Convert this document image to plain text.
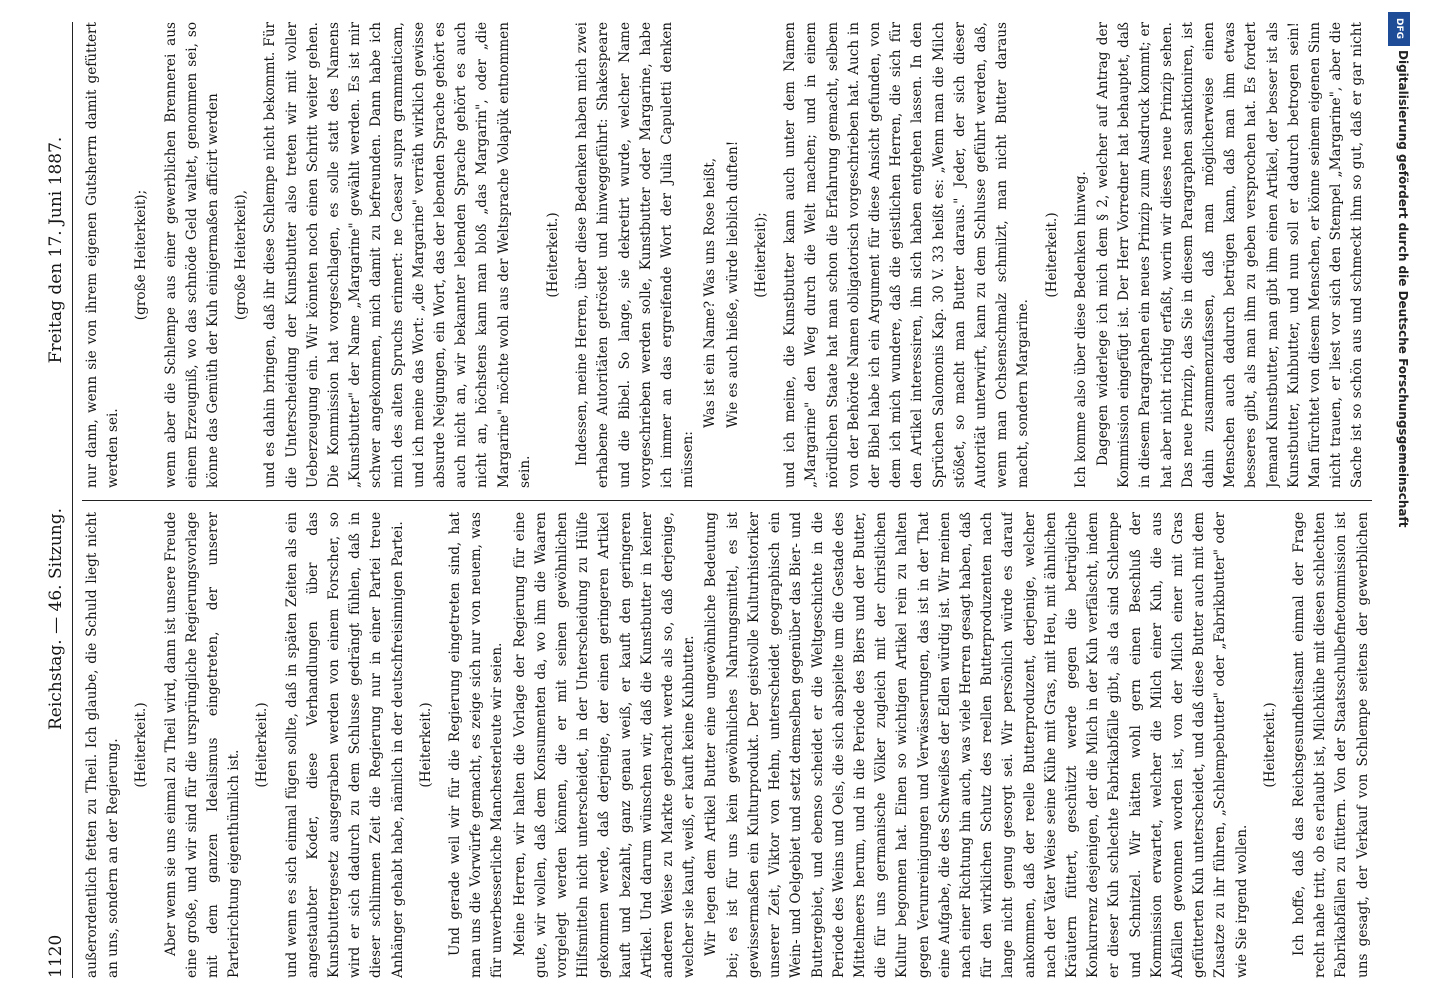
1120
Reichstag. — 46. Sitzung.
Freitag den 17. Juni 1887.

außerordentlich fetten zu Theil. Ich glaube, die Schuld liegt nicht an uns, sondern an der Regierung. (Heiterkeit.) Aber wenn sie uns einmal zu Theil wird, dann ist unsere Freude eine große, und wir sind für die ursprüngliche Regierungsvorlage mit dem ganzen Idealismus eingetreten, der unserer Parteirichtung eigenthümlich ist.

(Heiterkeit.) und wenn es sich einmal fügen sollte, daß in späten Zeiten als ein angestaubter Koder, diese Verhandlungen über das Kunstbuttergesetz ausgegraben werden von einem Forscher, so wird er sich dadurch zu dem Schlusse gedrängt fühlen, daß in dieser schlimmen Zeit die Regierung nur in einer Partei treue Anhänger gehabt habe, nämlich in der deutschfreisinnigen Partei. (Heiterkeit.) Und gerade weil wir für die Regierung eingetreten sind, hat man uns die Vorwürfe gemacht, es zeige sich nur von neuem, was für unverbesserliche Manchesterleute wir seien. Meine Herren, wir halten die Vorlage der Regierung für eine gute, wir wollen, daß dem Konsumenten da, wo ihm die Waaren vorgelegt werden können, die er mit seinen gewöhnlichen Hilfsmitteln nicht unterscheidet, in der Unterscheidung zu Hülfe gekommen werde, daß derjenige, der einen geringeren Artikel kauft und bezahlt, ganz genau weiß, er kauft den geringeren Artikel. Und darum wünschen wir, daß die Kunstbutter in keiner anderen Weise zu Markte gebracht werde als so, daß derjenige, welcher sie kauft, weiß, er kauft keine Kuhbutter. Wir legen dem Artikel Butter eine ungewöhnliche Bedeutung bei; es ist für uns kein gewöhnliches Nahrungsmittel, es ist gewissermaßen ein Kulturprodukt. Der geistvolle Kulturhistoriker unserer Zeit, Viktor von Hehn, unterscheidet geographisch ein Wein- und Oelgebiet und setzt demselben gegenüber das Bier- und Buttergebiet, und ebenso scheidet er die Weltgeschichte in die Periode des Weins und Oels, die sich abspielte um die Gestade des Mittelmeers herum, und in die Periode des Biers und der Butter, die für uns germanische Völker zugleich mit der christlichen Kultur begonnen hat. Einen so wichtigen Artikel rein zu halten gegen Verunreinigungen und Verwässerungen, das ist in der That eine Aufgabe, die des Schweißes der Edlen würdig ist. Wir meinen nach einer Richtung hin auch, was viele Herren gesagt haben, daß für den wirklichen Schutz des reellen Butterproduzenten nach lange nicht genug gesorgt sei. Wir persönlich würde es darauf ankommen, daß der reelle Butterproduzent, derjenige, welcher nach der Väter Weise seine Kühe mit Gras, mit Heu, mit ähnlichen Kräutern füttert, geschützt werde gegen die betrügliche Konkurrenz desjenigen, der die Milch in der Kuh verfälscht, indem er dieser Kuh schlechte Fabrikabfälle gibt, als da sind Schlempe und Schnitzel. Wir hätten wohl gern einen Beschluß der Kommission erwartet, welcher die Milch einer Kuh, die aus Abfällen gewonnen worden ist, von der Milch einer mit Gras gefütterten Kuh unterscheidet, und daß diese Butter auch mit dem Zusatze zu ihr führen, „Schlempebutter" oder „Fabrikbutter" oder wie Sie irgend wollen.

(Heiterkeit.)

Ich hoffe, daß das Reichsgesundheitsamt einmal der Frage recht nahe tritt, ob es erlaubt ist, Milchkühe mit diesen schlechten Fabrikabfällen zu füttern. Von der Staatsschulbefnetommission ist uns gesagt, der Verkauf von Schlempe seitens der gewerblichen

nur dann, wenn sie von ihrem eigenen Gutsherrn damit gefüttert werden sei.

(große Heiterkeit); wenn aber die Schlempe aus einer gewerblichen Brennerei aus einem Erzeugniß, wo das schnöde Geld waltet, genommen sei, so könne das Gemüth der Kuh einigermaßen afficirt werden (große Heiterkeit), und es dahin bringen, daß ihr diese Schlempe nicht bekommt. Für die Unterscheidung der Kunstbutter also treten wir mit voller Ueberzeugung ein. Wir könnten noch einen Schritt weiter gehen. Die Kommission hat vorgeschlagen, es solle statt des Namens „Kunstbutter" der Name „Margarine" gewählt werden. Es ist mir schwer angekommen, mich damit zu befreunden. Dann habe ich mich des alten Spruchs erinnert: ne Caesar supra grammaticam, und ich meine das Wort: „die Margarine" verräth wirklich gewisse absurde Neigungen, ein Wort, das der lebenden Sprache gehört es auch nicht an, wir bekannter lebenden Sprache gehört es auch nicht an, höchstens kann man bloß „das Margarin", oder „die Margarine" möchte wohl aus der Weltsprache Volapük entnommen sein.

(Heiterkeit.) Indessen, meine Herren, über diese Bedenken haben mich zwei erhabene Autoritäten getröstet und hinweggeführt: Shakespeare und die Bibel. So lange, sie dekretirt wurde, welcher Name vorgeschrieben werden solle, Kunstbutter oder Margarine, habe ich immer an das ergreifende Wort der Julia Capuletti denken müssen:

Was ist ein Name? Was uns Rose heißt, Wie es auch hieße, würde lieblich duften! (Heiterkeit); und ich meine, die Kunstbutter kann auch unter dem Namen „Margarine" den Weg durch die Welt machen; und in einem nördlichen Staate hat man schon die Erfahrung gemacht, selbem von der Behörde Namen obligatorisch vorgeschrieben hat. Auch in der Bibel habe ich ein Argument für diese Ansicht gefunden, von dem ich mich wundere, daß die geistlichen Herren, die sich für den Artikel interessiren, ihn sich haben entgehen lassen. In den Sprüchen Salomonis Kap. 30 V. 33 heißt es: „Wenn man die Milch stößet, so macht man Butter daraus." Jeder, der sich dieser Autorität unterwirft, kann zu dem Schlusse geführt werden, daß, wenn man Ochsenschmalz schmilzt, man nicht Butter daraus macht, sondern Margarine.

(Heiterkeit.) Ich komme also über diese Bedenken hinweg. Dagegen widerlege ich mich dem § 2, welcher auf Antrag der Kommission eingefügt ist. Der Herr Vorredner hat behauptet, daß in diesem Paragraphen ein neues Prinzip zum Ausdruck kommt; er hat aber nicht richtig erfaßt, worin wir dieses neue Prinzip sehen. Das neue Prinzip, das Sie in diesem Paragraphen sanktioniren, ist dahin zusammenzufassen, daß man möglicherweise einen Menschen auch dadurch betrügen kann, daß man ihm etwas besseres gibt, als man ihm zu geben versprochen hat. Es fordert Jemand Kunstbutter, man gibt ihm einen Artikel, der besser ist als Kunstbutter, Kuhbutter, und nun soll er dadurch betrogen sein! Man fürchtet von diesem Menschen, er könne seinem eigenen Sinn nicht trauen, er liest vor sich den Stempel „Margarine", aber die Sache ist so schön aus und schmeckt ihm so gut, daß er gar nicht	DFG
Digitalisierung gefördert durch die Deutsche Forschungsgemeinschaft
